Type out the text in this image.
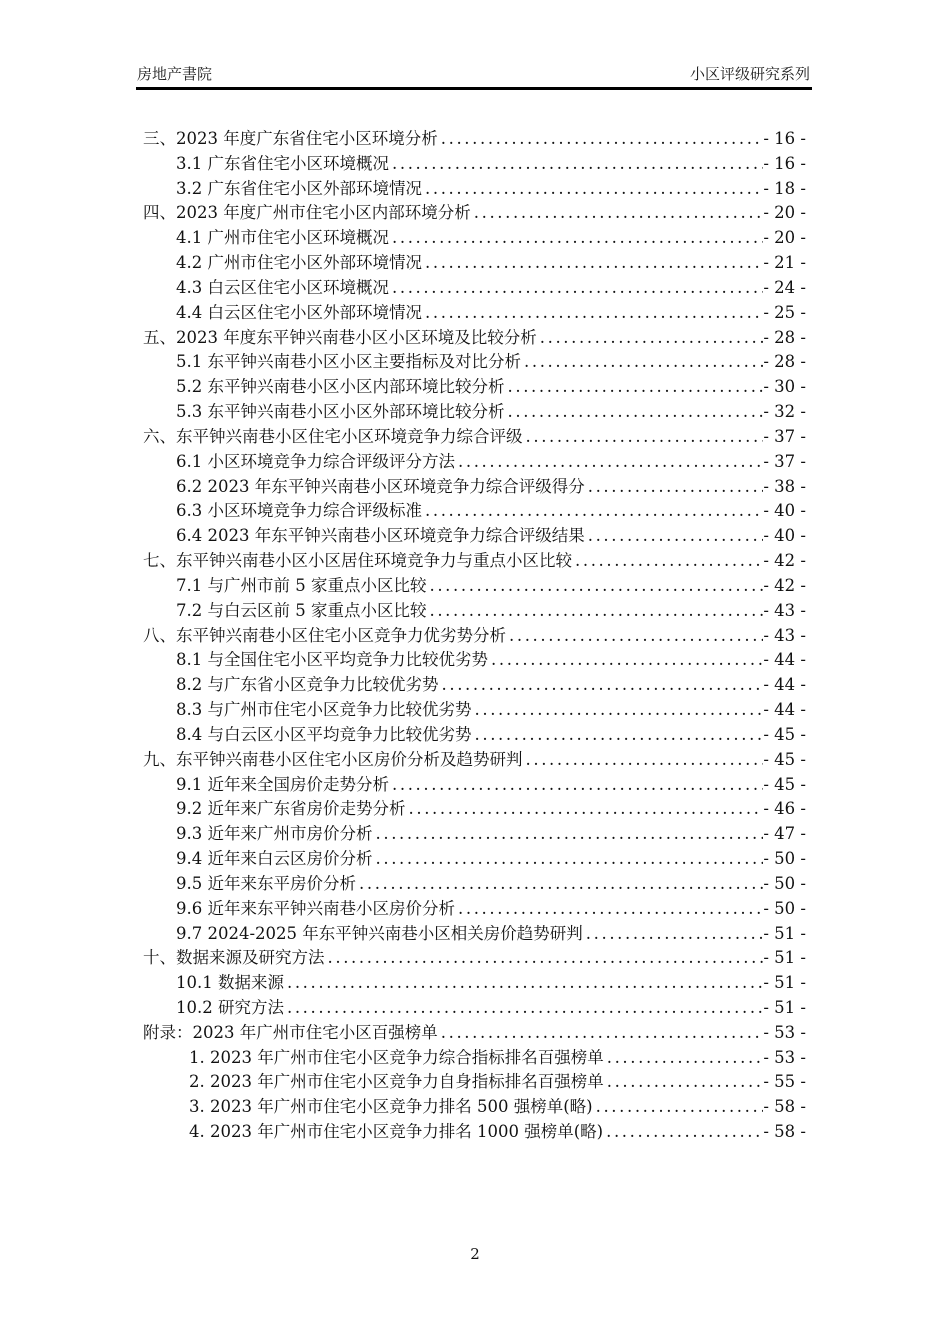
房地产書院	小区评级研究系列
三、2023 年度广东省住宅小区环境分析 .....	- 16 -
3.1 广东省住宅小区环境概况 .....	- 16 -
3.2 广东省住宅小区外部环境情况 .....	- 18 -
四、2023 年度广州市住宅小区内部环境分析 .....	- 20 -
4.1 广州市住宅小区环境概况 .....	- 20 -
4.2 广州市住宅小区外部环境情况 .....	- 21 -
4.3 白云区住宅小区环境概况 .....	- 24 -
4.4 白云区住宅小区外部环境情况 .....	- 25 -
五、2023 年度东平钟兴南巷小区小区环境及比较分析 .....	- 28 -
5.1 东平钟兴南巷小区小区主要指标及对比分析 .....	- 28 -
5.2 东平钟兴南巷小区小区内部环境比较分析 .....	- 30 -
5.3 东平钟兴南巷小区小区外部环境比较分析 .....	- 32 -
六、东平钟兴南巷小区住宅小区环境竞争力综合评级 .....	- 37 -
6.1 小区环境竞争力综合评级评分方法 .....	- 37 -
6.2 2023 年东平钟兴南巷小区环境竞争力综合评级得分 .....	- 38 -
6.3 小区环境竞争力综合评级标准 .....	- 40 -
6.4 2023 年东平钟兴南巷小区环境竞争力综合评级结果 .....	- 40 -
七、东平钟兴南巷小区小区居住环境竞争力与重点小区比较 .....	- 42 -
7.1 与广州市前 5 家重点小区比较 .....	- 42 -
7.2 与白云区前 5 家重点小区比较 .....	- 43 -
八、东平钟兴南巷小区住宅小区竞争力优劣势分析 .....	- 43 -
8.1 与全国住宅小区平均竞争力比较优劣势 .....	- 44 -
8.2 与广东省小区竞争力比较优劣势 .....	- 44 -
8.3 与广州市住宅小区竞争力比较优劣势 .....	- 44 -
8.4 与白云区小区平均竞争力比较优劣势 .....	- 45 -
九、东平钟兴南巷小区住宅小区房价分析及趋势研判 .....	- 45 -
9.1 近年来全国房价走势分析 .....	- 45 -
9.2 近年来广东省房价走势分析 .....	- 46 -
9.3 近年来广州市房价分析 .....	- 47 -
9.4 近年来白云区房价分析 .....	- 50 -
9.5 近年来东平房价分析 .....	- 50 -
9.6 近年来东平钟兴南巷小区房价分析 .....	- 50 -
9.7 2024-2025 年东平钟兴南巷小区相关房价趋势研判 .....	- 51 -
十、数据来源及研究方法 .....	- 51 -
10.1 数据来源 .....	- 51 -
10.2 研究方法 .....	- 51 -
附录：2023 年广州市住宅小区百强榜单 .....	- 53 -
1. 2023 年广州市住宅小区竞争力综合指标排名百强榜单 .....	- 53 -
2. 2023 年广州市住宅小区竞争力自身指标排名百强榜单 .....	- 55 -
3. 2023 年广州市住宅小区竞争力排名 500 强榜单(略) .....	- 58 -
4. 2023 年广州市住宅小区竞争力排名 1000 强榜单(略) .....	- 58 -
2
